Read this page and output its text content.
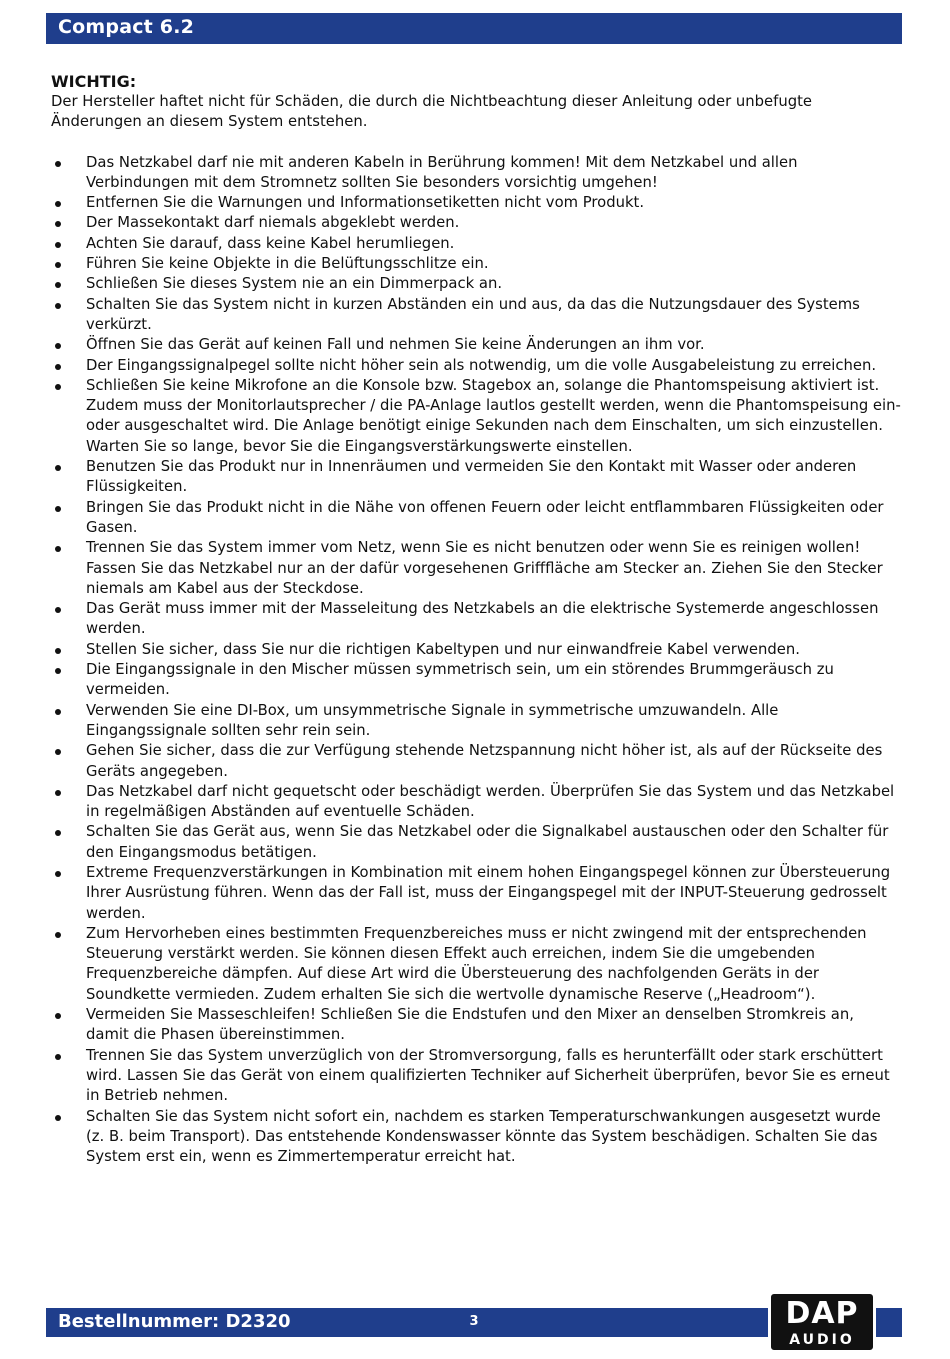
Compact 6.2

WICHTIG:

Der Hersteller haftet nicht für Schäden, die durch die Nichtbeachtung dieser Anleitung oder unbefugte Änderungen an diesem System entstehen.

Das Netzkabel darf nie mit anderen Kabeln in Berührung kommen! Mit dem Netzkabel und allen Verbindungen mit dem Stromnetz sollten Sie besonders vorsichtig umgehen!
Entfernen Sie die Warnungen und Informationsetiketten nicht vom Produkt.
Der Massekontakt darf niemals abgeklebt werden.
Achten Sie darauf, dass keine Kabel herumliegen.
Führen Sie keine Objekte in die Belüftungsschlitze ein.
Schließen Sie dieses System nie an ein Dimmerpack an.
Schalten Sie das System nicht in kurzen Abständen ein und aus, da das die Nutzungsdauer des Systems verkürzt.
Öffnen Sie das Gerät auf keinen Fall und nehmen Sie keine Änderungen an ihm vor.
Der Eingangssignalpegel sollte nicht höher sein als notwendig, um die volle Ausgabeleistung zu erreichen.
Schließen Sie keine Mikrofone an die Konsole bzw. Stagebox an, solange die Phantomspeisung aktiviert ist. Zudem muss der Monitorlautsprecher / die PA-Anlage lautlos gestellt werden, wenn die Phantomspeisung ein- oder ausgeschaltet wird. Die Anlage benötigt einige Sekunden nach dem Einschalten, um sich einzustellen. Warten Sie so lange, bevor Sie die Eingangsverstärkungswerte einstellen.
Benutzen Sie das Produkt nur in Innenräumen und vermeiden Sie den Kontakt mit Wasser oder anderen Flüssigkeiten.
Bringen Sie das Produkt nicht in die Nähe von offenen Feuern oder leicht entflammbaren Flüssigkeiten oder Gasen.
Trennen Sie das System immer vom Netz, wenn Sie es nicht benutzen oder wenn Sie es reinigen wollen! Fassen Sie das Netzkabel nur an der dafür vorgesehenen Grifffläche am Stecker an. Ziehen Sie den Stecker niemals am Kabel aus der Steckdose.
Das Gerät muss immer mit der Masseleitung des Netzkabels an die elektrische Systemerde angeschlossen werden.
Stellen Sie sicher, dass Sie nur die richtigen Kabeltypen und nur einwandfreie Kabel verwenden.
Die Eingangssignale in den Mischer müssen symmetrisch sein, um ein störendes Brummgeräusch zu vermeiden.
Verwenden Sie eine DI-Box, um unsymmetrische Signale in symmetrische umzuwandeln. Alle Eingangssignale sollten sehr rein sein.
Gehen Sie sicher, dass die zur Verfügung stehende Netzspannung nicht höher ist, als auf der Rückseite des Geräts angegeben.
Das Netzkabel darf nicht gequetscht oder beschädigt werden. Überprüfen Sie das System und das Netzkabel in regelmäßigen Abständen auf eventuelle Schäden.
Schalten Sie das Gerät aus, wenn Sie das Netzkabel oder die Signalkabel austauschen oder den Schalter für den Eingangsmodus betätigen.
Extreme Frequenzverstärkungen in Kombination mit einem hohen Eingangspegel können zur Übersteuerung Ihrer Ausrüstung führen. Wenn das der Fall ist, muss der Eingangspegel mit der INPUT-Steuerung gedrosselt werden.
Zum Hervorheben eines bestimmten Frequenzbereiches muss er nicht zwingend mit der entsprechenden Steuerung verstärkt werden. Sie können diesen Effekt auch erreichen, indem Sie die umgebenden Frequenzbereiche dämpfen. Auf diese Art wird die Übersteuerung des nachfolgenden Geräts in der Soundkette vermieden. Zudem erhalten Sie sich die wertvolle dynamische Reserve („Headroom“).
Vermeiden Sie Masseschleifen! Schließen Sie die Endstufen und den Mixer an denselben Stromkreis an, damit die Phasen übereinstimmen.
Trennen Sie das System unverzüglich von der Stromversorgung, falls es herunterfällt oder stark erschüttert wird. Lassen Sie das Gerät von einem qualifizierten Techniker auf Sicherheit überprüfen, bevor Sie es erneut in Betrieb nehmen.
Schalten Sie das System nicht sofort ein, nachdem es starken Temperaturschwankungen ausgesetzt wurde (z. B. beim Transport). Das entstehende Kondenswasser könnte das System beschädigen. Schalten Sie das System erst ein, wenn es Zimmertemperatur erreicht hat.
Bestellnummer: D2320	3	DAP
AUDIO
